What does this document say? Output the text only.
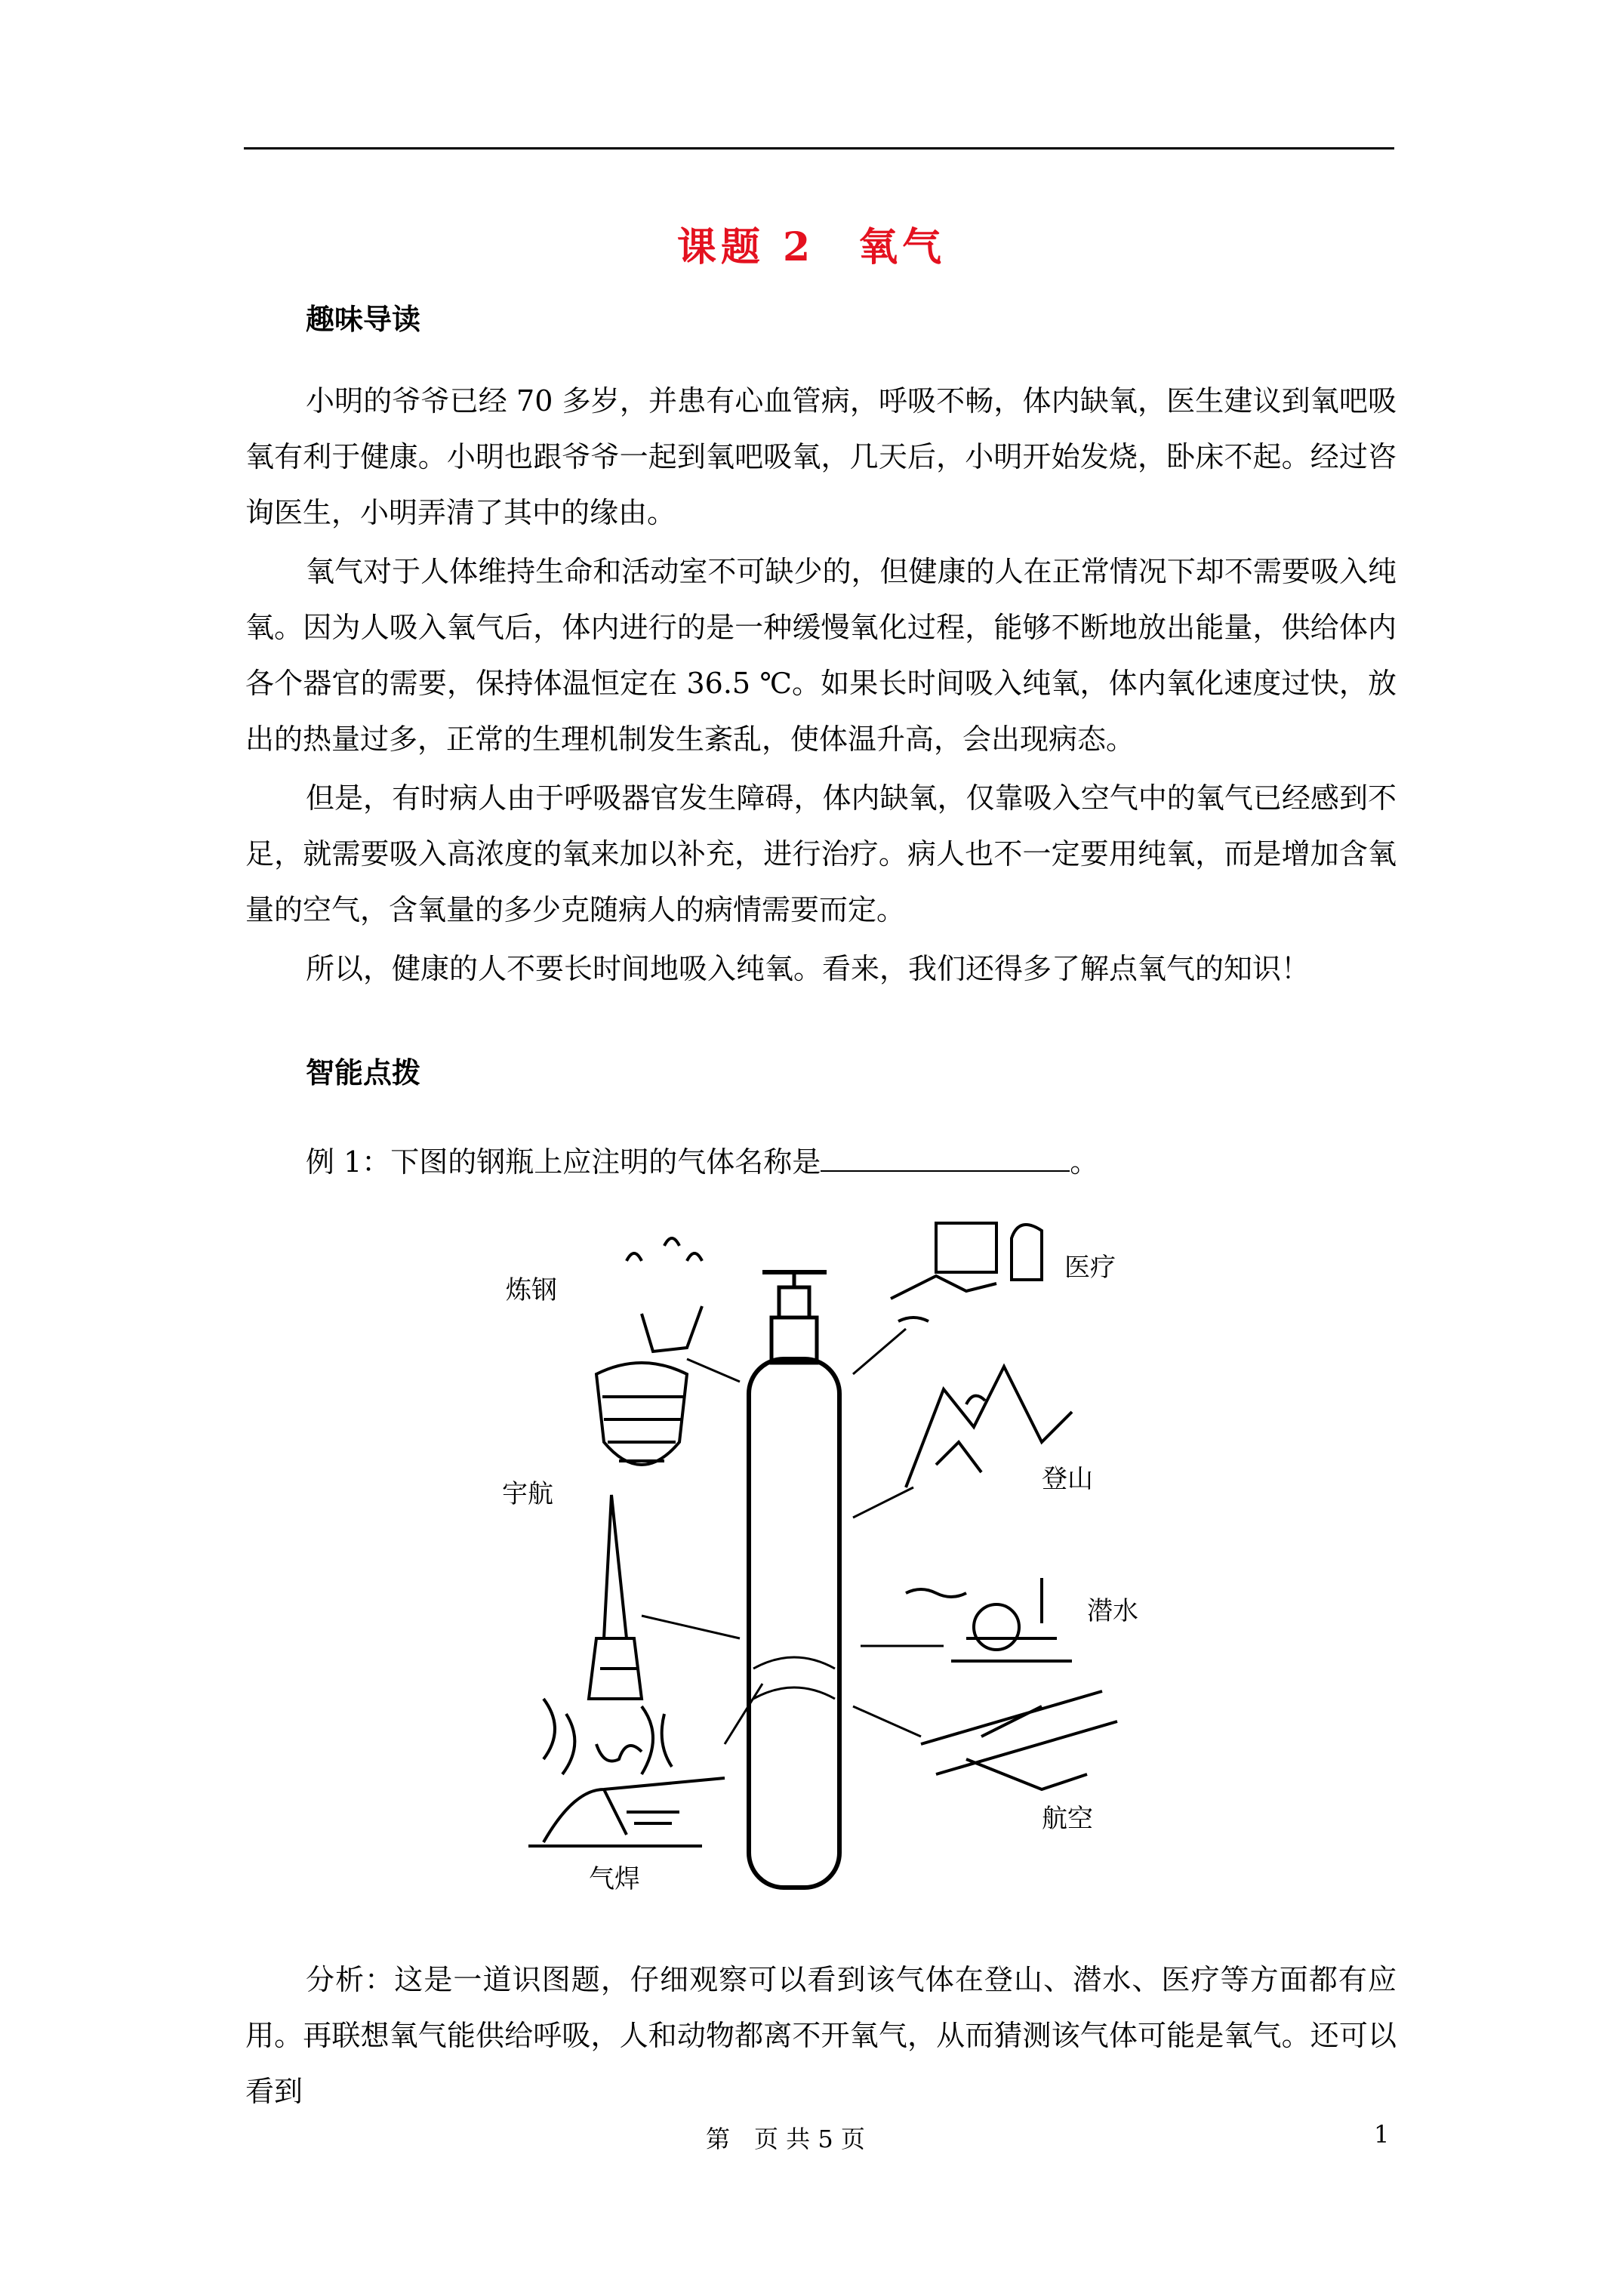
课题 2　氧气
趣味导读

小明的爷爷已经 70 多岁，并患有心血管病，呼吸不畅，体内缺氧，医生建议到氧吧吸氧有利于健康。小明也跟爷爷一起到氧吧吸氧，几天后，小明开始发烧，卧床不起。经过咨询医生，小明弄清了其中的缘由。

氧气对于人体维持生命和活动室不可缺少的，但健康的人在正常情况下却不需要吸入纯氧。因为人吸入氧气后，体内进行的是一种缓慢氧化过程，能够不断地放出能量，供给体内各个器官的需要，保持体温恒定在 36.5 ℃。如果长时间吸入纯氧，体内氧化速度过快，放出的热量过多，正常的生理机制发生紊乱，使体温升高，会出现病态。

但是，有时病人由于呼吸器官发生障碍，体内缺氧，仅靠吸入空气中的氧气已经感到不足，就需要吸入高浓度的氧来加以补充，进行治疗。病人也不一定要用纯氧，而是增加含氧量的空气，含氧量的多少克随病人的病情需要而定。

所以，健康的人不要长时间地吸入纯氧。看来，我们还得多了解点氧气的知识！

智能点拨
例 1：下图的钢瓶上应注明的气体名称是	。
炼钢
医疗
宇航	登山
潜水
航空
气焊

分析：这是一道识图题，仔细观察可以看到该气体在登山、潜水、医疗等方面都有应用。再联想氧气能供给呼吸，人和动物都离不开氧气，从而猜测该气体可能是氧气。还可以看到

第　页 共 5 页	1
